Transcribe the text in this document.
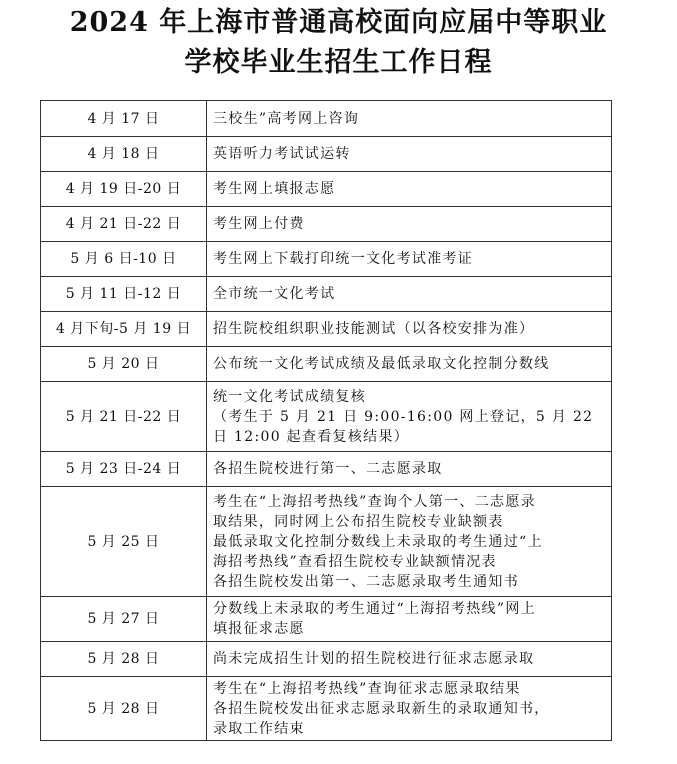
2024 年上海市普通高校面向应届中等职业
学校毕业生招生工作日程
4 月 17 日	三校生”高考网上咨询

4 月 18 日	英语听力考试试运转

4 月 19 日-20 日	考生网上填报志愿

4 月 21 日-22 日	考生网上付费

5 月 6 日-10 日	考生网上下载打印统一文化考试准考证

5 月 11 日-12 日	全市统一文化考试

4 月下旬-5 月 19 日	招生院校组织职业技能测试（以各校安排为准）

5 月 20 日	公布统一文化考试成绩及最低录取文化控制分数线

5 月 21 日-22 日	统一文化考试成绩复核
（考生于 5 月 21 日 9:00-16:00 网上登记，5 月 22
日 12:00 起查看复核结果）

5 月 23 日-24 日	各招生院校进行第一、二志愿录取

5 月 25 日	考生在“上海招考热线”查询个人第一、二志愿录
取结果，同时网上公布招生院校专业缺额表
最低录取文化控制分数线上未录取的考生通过“上
海招考热线”查看招生院校专业缺额情况表
各招生院校发出第一、二志愿录取考生通知书

5 月 27 日	分数线上未录取的考生通过“上海招考热线”网上
填报征求志愿

5 月 28 日	尚未完成招生计划的招生院校进行征求志愿录取

5 月 28 日	考生在“上海招考热线”查询征求志愿录取结果
各招生院校发出征求志愿录取新生的录取通知书，
录取工作结束
